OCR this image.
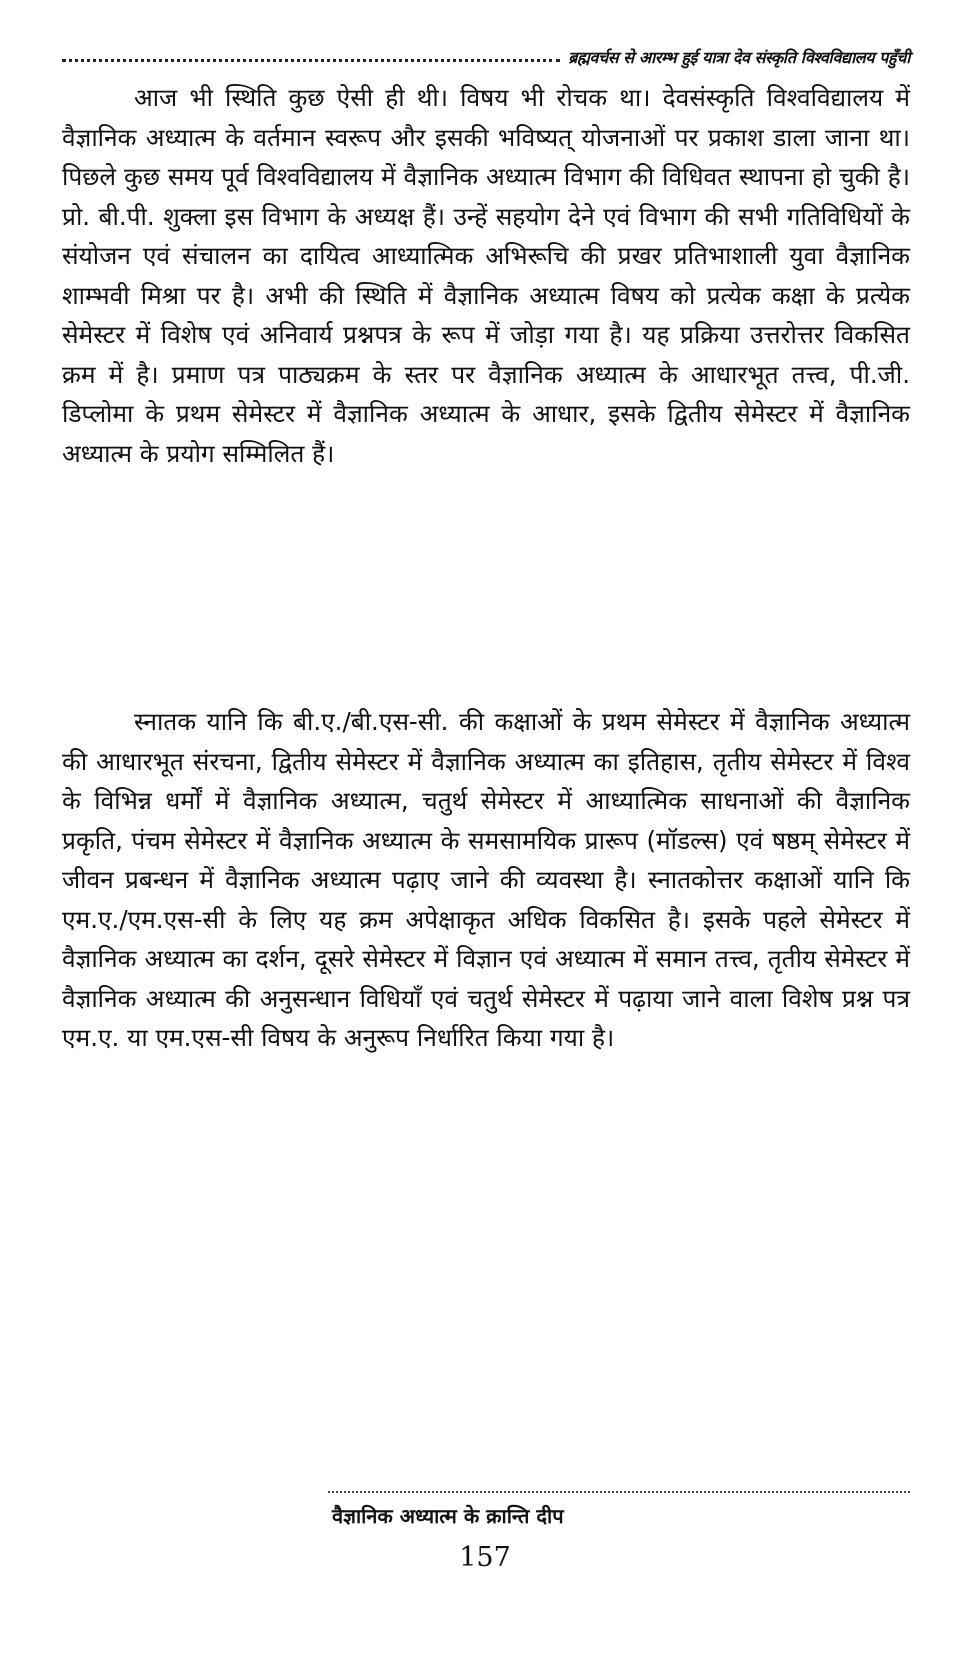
ब्रह्मवर्चस से आरम्भ हुई यात्रा देव संस्कृति विश्वविद्यालय पहुँची

आज भी स्थिति कुछ ऐसी ही थी। विषय भी रोचक था। देवसंस्कृति विश्वविद्यालय में वैज्ञानिक अध्यात्म के वर्तमान स्वरूप और इसकी भविष्यत् योजनाओं पर प्रकाश डाला जाना था। पिछले कुछ समय पूर्व विश्वविद्यालय में वैज्ञानिक अध्यात्म विभाग की विधिवत स्थापना हो चुकी है। प्रो. बी.पी. शुक्ला इस विभाग के अध्यक्ष हैं। उन्हें सहयोग देने एवं विभाग की सभी गतिविधियों के संयोजन एवं संचालन का दायित्व आध्यात्मिक अभिरूचि की प्रखर प्रतिभाशाली युवा वैज्ञानिक शाम्भवी मिश्रा पर है। अभी की स्थिति में वैज्ञानिक अध्यात्म विषय को प्रत्येक कक्षा के प्रत्येक सेमेस्टर में विशेष एवं अनिवार्य प्रश्नपत्र के रूप में जोड़ा गया है। यह प्रक्रिया उत्तरोत्तर विकसित क्रम में है। प्रमाण पत्र पाठ्यक्रम के स्तर पर वैज्ञानिक अध्यात्म के आधारभूत तत्त्व, पी.जी. डिप्लोमा के प्रथम सेमेस्टर में वैज्ञानिक अध्यात्म के आधार, इसके द्वितीय सेमेस्टर में वैज्ञानिक अध्यात्म के प्रयोग सम्मिलित हैं।

स्नातक यानि कि बी.ए./बी.एस-सी. की कक्षाओं के प्रथम सेमेस्टर में वैज्ञानिक अध्यात्म की आधारभूत संरचना, द्वितीय सेमेस्टर में वैज्ञानिक अध्यात्म का इतिहास, तृतीय सेमेस्टर में विश्व के विभिन्न धर्मों में वैज्ञानिक अध्यात्म, चतुर्थ सेमेस्टर में आध्यात्मिक साधनाओं की वैज्ञानिक प्रकृति, पंचम सेमेस्टर में वैज्ञानिक अध्यात्म के समसामयिक प्रारूप (मॉडल्स) एवं षष्ठम् सेमेस्टर में जीवन प्रबन्धन में वैज्ञानिक अध्यात्म पढ़ाए जाने की व्यवस्था है। स्नातकोत्तर कक्षाओं यानि कि एम.ए./एम.एस-सी के लिए यह क्रम अपेक्षाकृत अधिक विकसित है। इसके पहले सेमेस्टर में वैज्ञानिक अध्यात्म का दर्शन, दूसरे सेमेस्टर में विज्ञान एवं अध्यात्म में समान तत्त्व, तृतीय सेमेस्टर में वैज्ञानिक अध्यात्म की अनुसन्धान विधियाँ एवं चतुर्थ सेमेस्टर में पढ़ाया जाने वाला विशेष प्रश्न पत्र एम.ए. या एम.एस-सी विषय के अनुरूप निर्धारित किया गया है।

वैज्ञानिक अध्यात्म के क्रान्ति दीप
157
